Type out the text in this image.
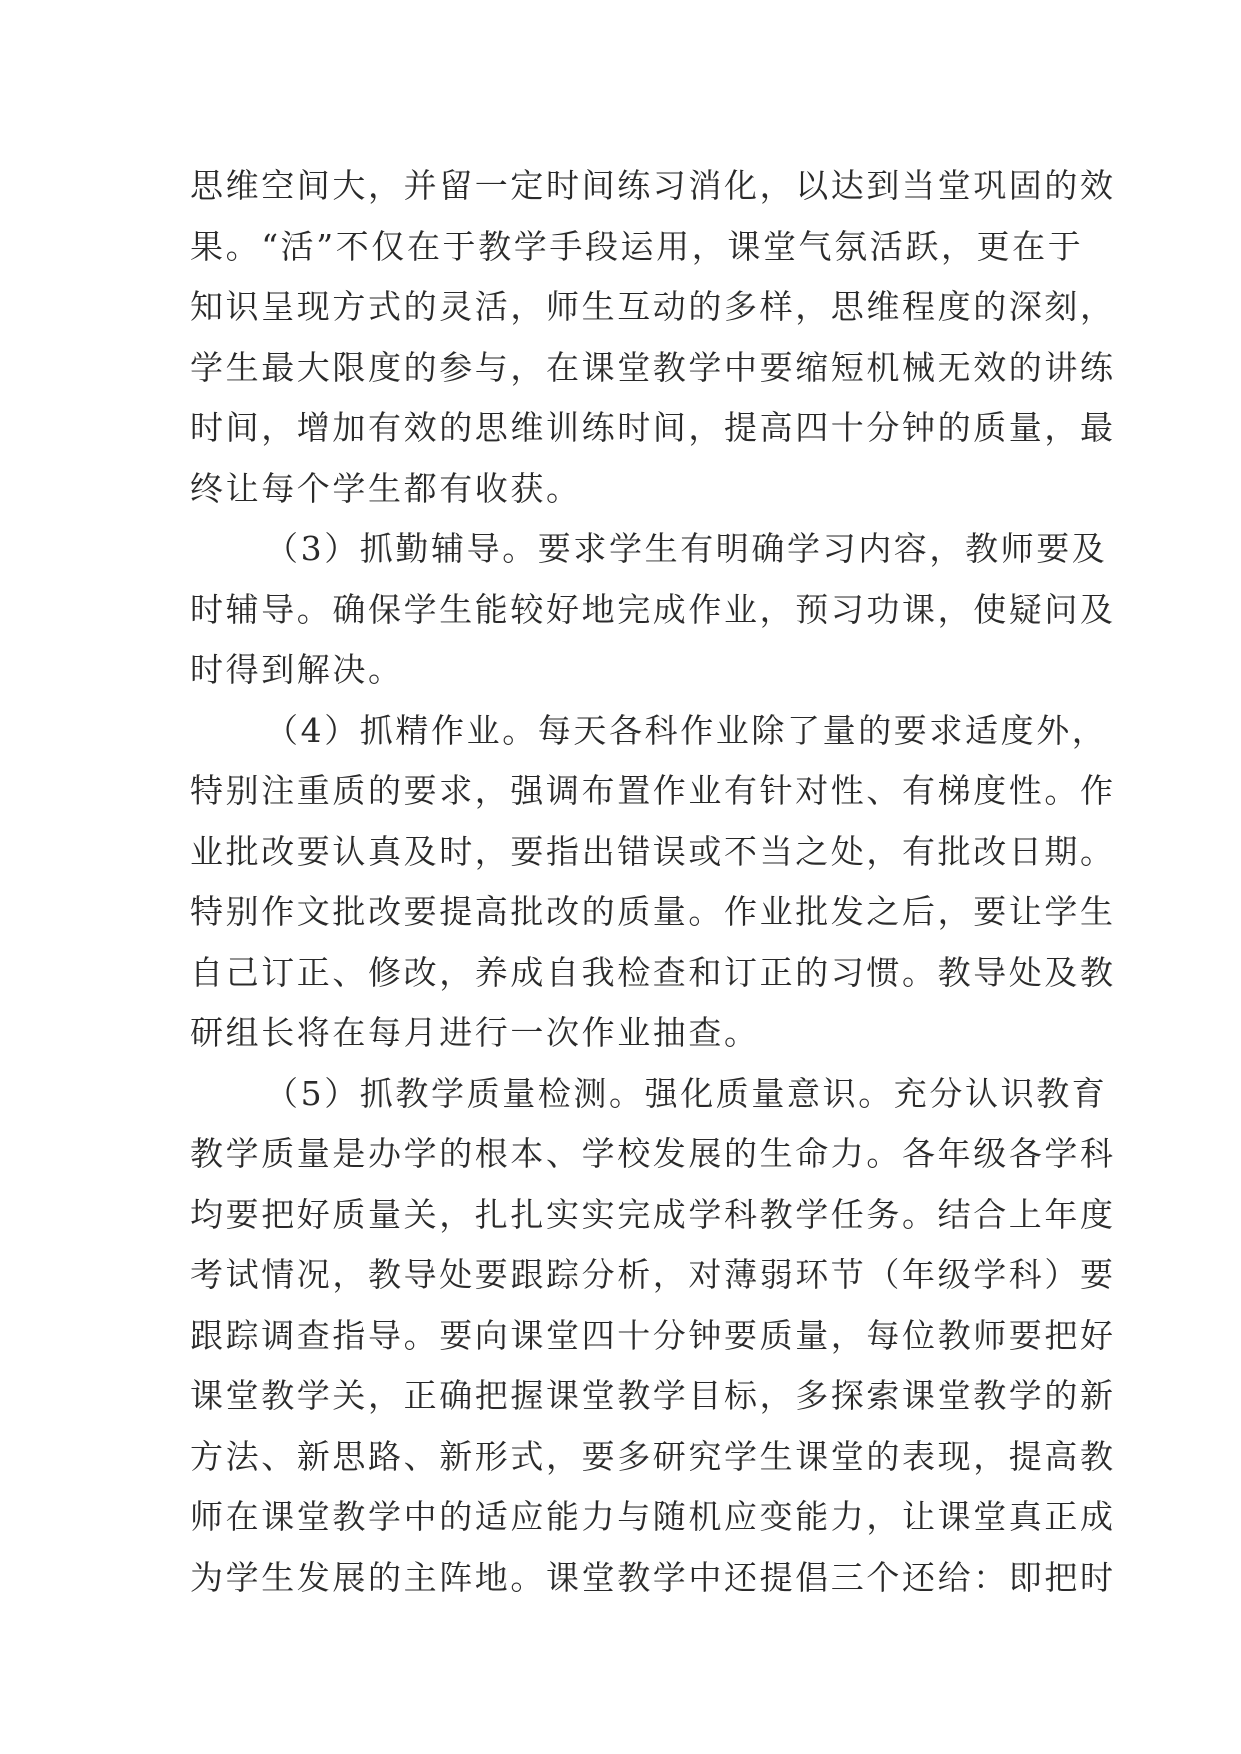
思维空间大，并留一定时间练习消化，以达到当堂巩固的效
果。“活”不仅在于教学手段运用，课堂气氛活跃，更在于
知识呈现方式的灵活，师生互动的多样，思维程度的深刻，
学生最大限度的参与，在课堂教学中要缩短机械无效的讲练
时间，增加有效的思维训练时间，提高四十分钟的质量，最
终让每个学生都有收获。
（3）抓勤辅导。要求学生有明确学习内容，教师要及
时辅导。确保学生能较好地完成作业，预习功课，使疑问及
时得到解决。
（4）抓精作业。每天各科作业除了量的要求适度外，
特别注重质的要求，强调布置作业有针对性、有梯度性。作
业批改要认真及时，要指出错误或不当之处，有批改日期。
特别作文批改要提高批改的质量。作业批发之后，要让学生
自己订正、修改，养成自我检查和订正的习惯。教导处及教
研组长将在每月进行一次作业抽查。
（5）抓教学质量检测。强化质量意识。充分认识教育
教学质量是办学的根本、学校发展的生命力。各年级各学科
均要把好质量关，扎扎实实完成学科教学任务。结合上年度
考试情况，教导处要跟踪分析，对薄弱环节（年级学科）要
跟踪调查指导。要向课堂四十分钟要质量，每位教师要把好
课堂教学关，正确把握课堂教学目标，多探索课堂教学的新
方法、新思路、新形式，要多研究学生课堂的表现，提高教
师在课堂教学中的适应能力与随机应变能力，让课堂真正成
为学生发展的主阵地。课堂教学中还提倡三个还给：即把时
